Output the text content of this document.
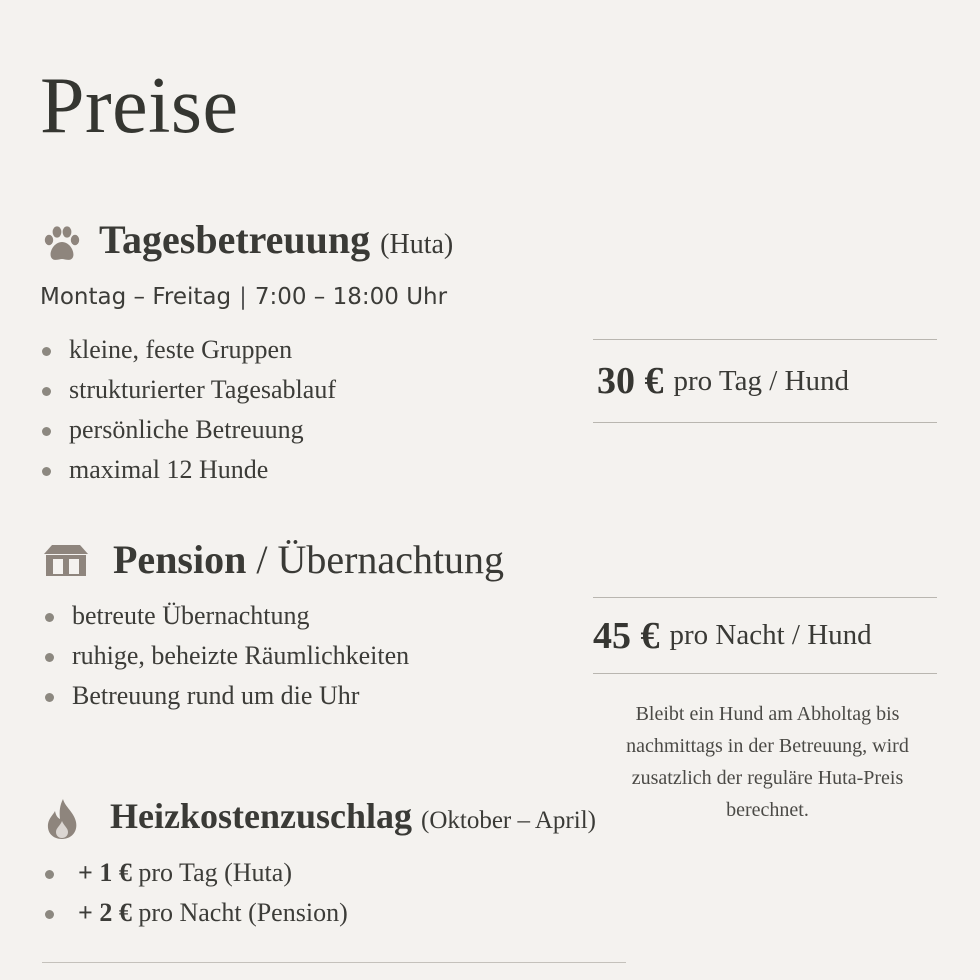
Preise
Tagesbetreuung (Huta)
Montag – Freitag | 7:00 – 18:00 Uhr
kleine, feste Gruppen
strukturierter Tagesablauf
persönliche Betreuung
maximal 12 Hunde
30 € pro Tag / Hund
Pension / Übernachtung
betreute Übernachtung
ruhige, beheizte Räumlichkeiten
Betreuung rund um die Uhr
45 € pro Nacht / Hund
Bleibt ein Hund am Abholtag bis nachmittags in der Betreuung, wird zusatzlich der reguläre Huta-Preis berechnet.
Heizkostenzuschlag (Oktober – April)
+ 1 € pro Tag (Huta)
+ 2 € pro Nacht (Pension)
